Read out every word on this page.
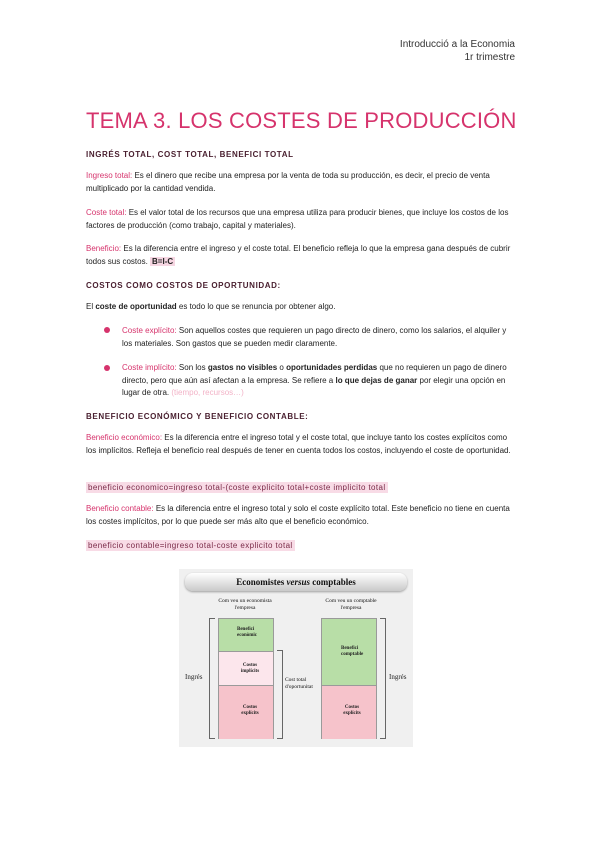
Introducció a la Economia
1r trimestre
TEMA 3. LOS COSTES DE PRODUCCIÓN
INGRÉS TOTAL, COST TOTAL, BENEFICI TOTAL
Ingreso total: Es el dinero que recibe una empresa por la venta de toda su producción, es decir, el precio de venta multiplicado por la cantidad vendida.
Coste total: Es el valor total de los recursos que una empresa utiliza para producir bienes, que incluye los costos de los factores de producción (como trabajo, capital y materiales).
Beneficio: Es la diferencia entre el ingreso y el coste total. El beneficio refleja lo que la empresa gana después de cubrir todos sus costos. B=I-C
COSTOS COMO COSTOS DE OPORTUNIDAD:
El coste de oportunidad es todo lo que se renuncia por obtener algo.
Coste explícito: Son aquellos costes que requieren un pago directo de dinero, como los salarios, el alquiler y los materiales. Son gastos que se pueden medir claramente.
Coste implícito: Son los gastos no visibles o oportunidades perdidas que no requieren un pago de dinero directo, pero que aún así afectan a la empresa. Se refiere a lo que dejas de ganar por elegir una opción en lugar de otra. (tiempo, recursos…)
BENEFICIO ECONÓMICO Y BENEFICIO CONTABLE:
Beneficio económico: Es la diferencia entre el ingreso total y el coste total, que incluye tanto los costes explícitos como los implícitos. Refleja el beneficio real después de tener en cuenta todos los costos, incluyendo el coste de oportunidad.
beneficio economico=ingreso total-(coste explicito total+coste implicito total
Beneficio contable: Es la diferencia entre el ingreso total y solo el coste explícito total. Este beneficio no tiene en cuenta los costes implícitos, por lo que puede ser más alto que el beneficio económico.
beneficio contable=ingreso total-coste explicito total
Economistes versus comptables
Com veu un economista l'empresa
Com veu un comptable l'empresa
Benefici econòmic
Costos implícits
Costos explícits
Benefici comptable
Costos explícits
Ingrés	Cost total d'oportunitat
Ingrés
